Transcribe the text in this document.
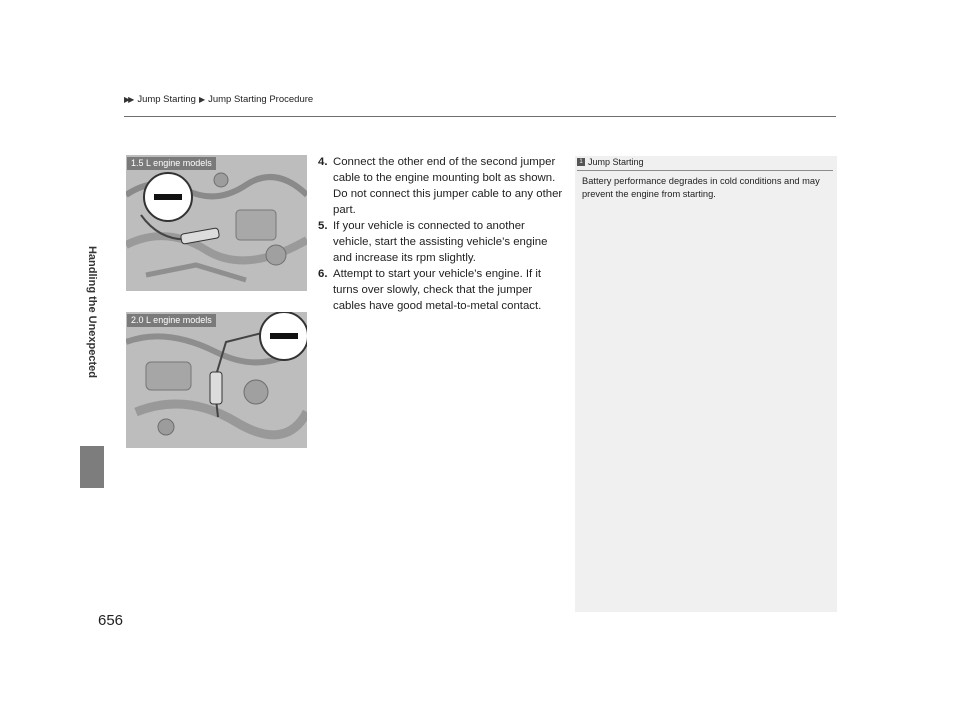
▶▶ Jump Starting ▶ Jump Starting Procedure
Handling the Unexpected
656
1.5 L engine models
2.0 L engine models
4. Connect the other end of the second jumper cable to the engine mounting bolt as shown. Do not connect this jumper cable to any other part.
5. If your vehicle is connected to another vehicle, start the assisting vehicle’s engine and increase its rpm slightly.
6. Attempt to start your vehicle’s engine. If it turns over slowly, check that the jumper cables have good metal-to-metal contact.
1 Jump Starting
Battery performance degrades in cold conditions and may prevent the engine from starting.
